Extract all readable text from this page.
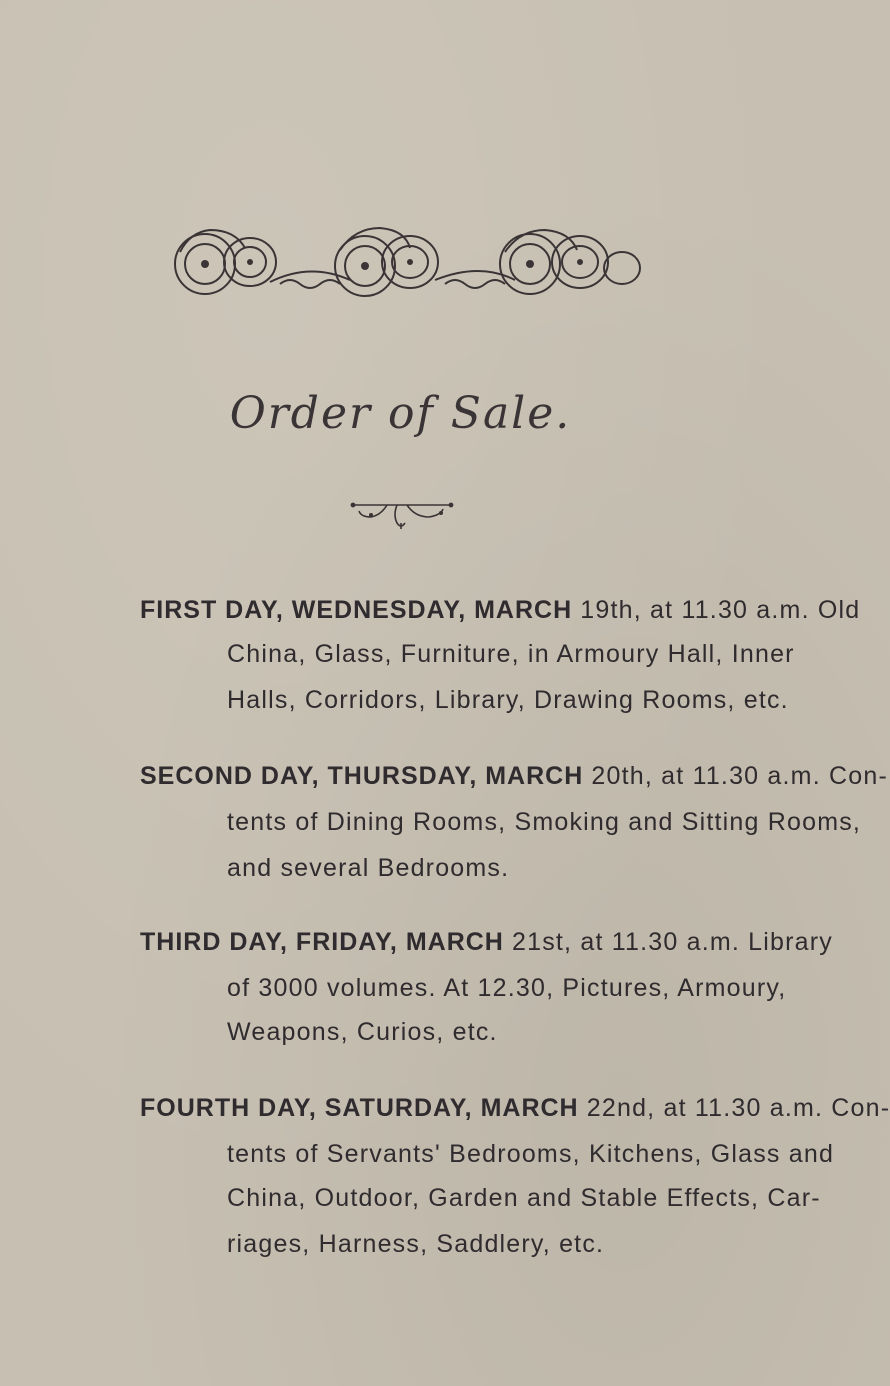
Order of Sale.
FIRST DAY, WEDNESDAY, MARCH 19th, at 11.30 a.m. Old
China, Glass, Furniture, in Armoury Hall, Inner
Halls, Corridors, Library, Drawing Rooms, etc.
SECOND DAY, THURSDAY, MARCH 20th, at 11.30 a.m. Con-
tents of Dining Rooms, Smoking and Sitting Rooms,
and several Bedrooms.
THIRD DAY, FRIDAY, MARCH 21st, at 11.30 a.m. Library
of 3000 volumes. At 12.30, Pictures, Armoury,
Weapons, Curios, etc.
FOURTH DAY, SATURDAY, MARCH 22nd, at 11.30 a.m. Con-
tents of Servants' Bedrooms, Kitchens, Glass and
China, Outdoor, Garden and Stable Effects, Car-
riages, Harness, Saddlery, etc.
